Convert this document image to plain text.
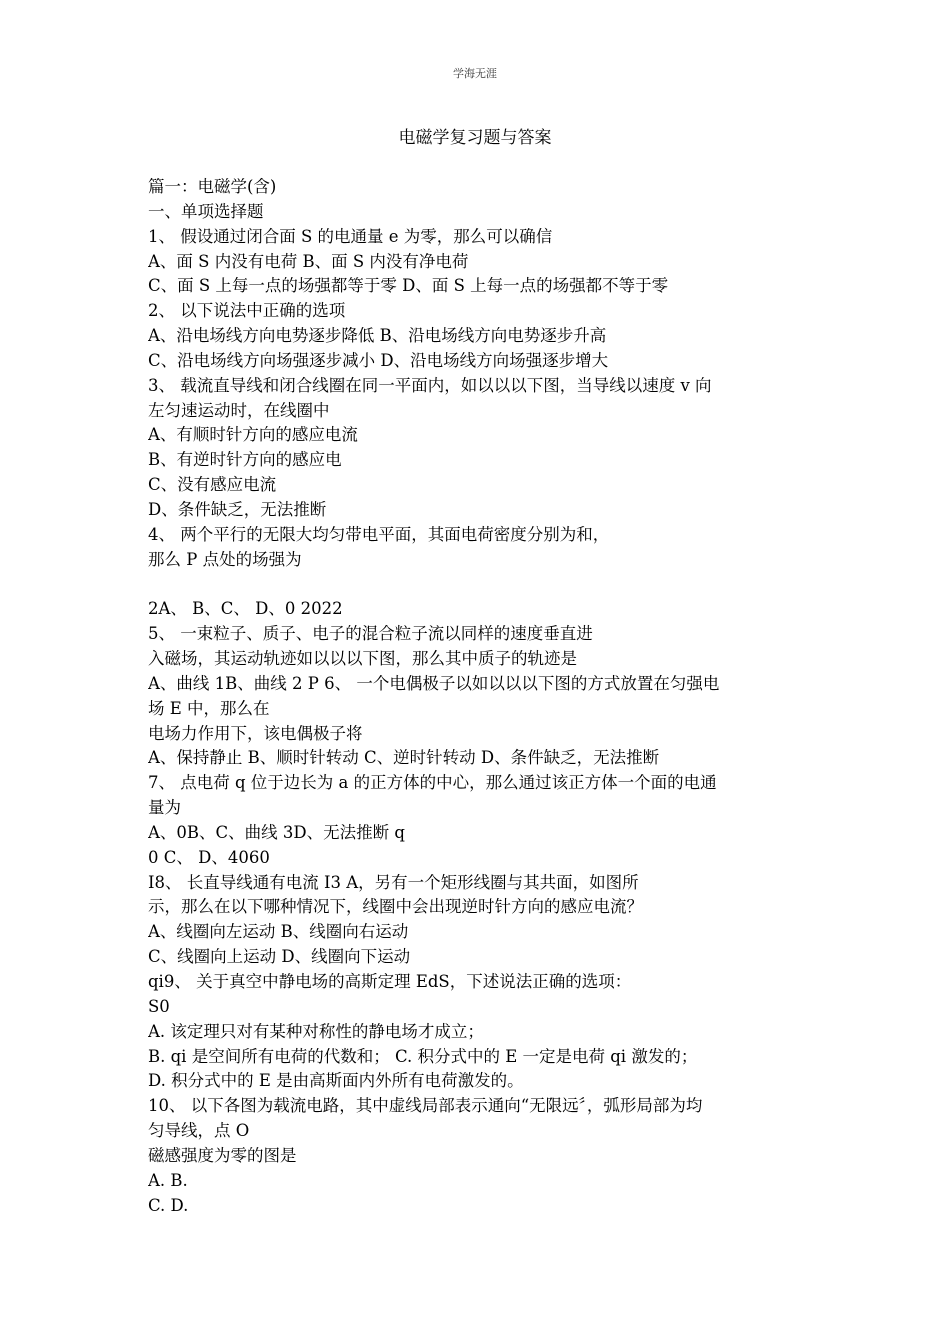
学海无涯
电磁学复习题与答案
篇一：电磁学(含)
一、单项选择题
1、 假设通过闭合面 S 的电通量 e 为零，那么可以确信
A、面 S 内没有电荷 B、面 S 内没有净电荷
C、面 S 上每一点的场强都等于零 D、面 S 上每一点的场强都不等于零
2、 以下说法中正确的选项
A、沿电场线方向电势逐步降低 B、沿电场线方向电势逐步升高
C、沿电场线方向场强逐步减小 D、沿电场线方向场强逐步增大
3、 载流直导线和闭合线圈在同一平面内，如以以以下图，当导线以速度 v 向
左匀速运动时，在线圈中
A、有顺时针方向的感应电流
B、有逆时针方向的感应电
C、没有感应电流
D、条件缺乏，无法推断
4、 两个平行的无限大均匀带电平面，其面电荷密度分别为和，
那么 P 点处的场强为
2A、 B、C、 D、0 2022
5、 一束粒子、质子、电子的混合粒子流以同样的速度垂直进
入磁场，其运动轨迹如以以以下图，那么其中质子的轨迹是
A、曲线 1B、曲线 2 P 6、 一个电偶极子以如以以以下图的方式放置在匀强电
场 E 中，那么在
电场力作用下，该电偶极子将
A、保持静止 B、顺时针转动 C、逆时针转动 D、条件缺乏，无法推断
7、 点电荷 q 位于边长为 a 的正方体的中心，那么通过该正方体一个面的电通
量为
A、0B、C、曲线 3D、无法推断 q
0 C、 D、4060
I8、 长直导线通有电流 I3 A，另有一个矩形线圈与其共面，如图所
示，那么在以下哪种情况下，线圈中会出现逆时针方向的感应电流？
A、线圈向左运动 B、线圈向右运动
C、线圈向上运动 D、线圈向下运动
qi9、 关于真空中静电场的高斯定理 EdS，下述说法正确的选项：
S0
A. 该定理只对有某种对称性的静电场才成立；
B. qi 是空间所有电荷的代数和； C. 积分式中的 E 一定是电荷 qi 激发的；
D. 积分式中的 E 是由高斯面内外所有电荷激发的。
10、 以下各图为载流电路，其中虚线局部表示通向“无限远〞，弧形局部为均
匀导线，点 O
磁感强度为零的图是
A. B.
C. D.
